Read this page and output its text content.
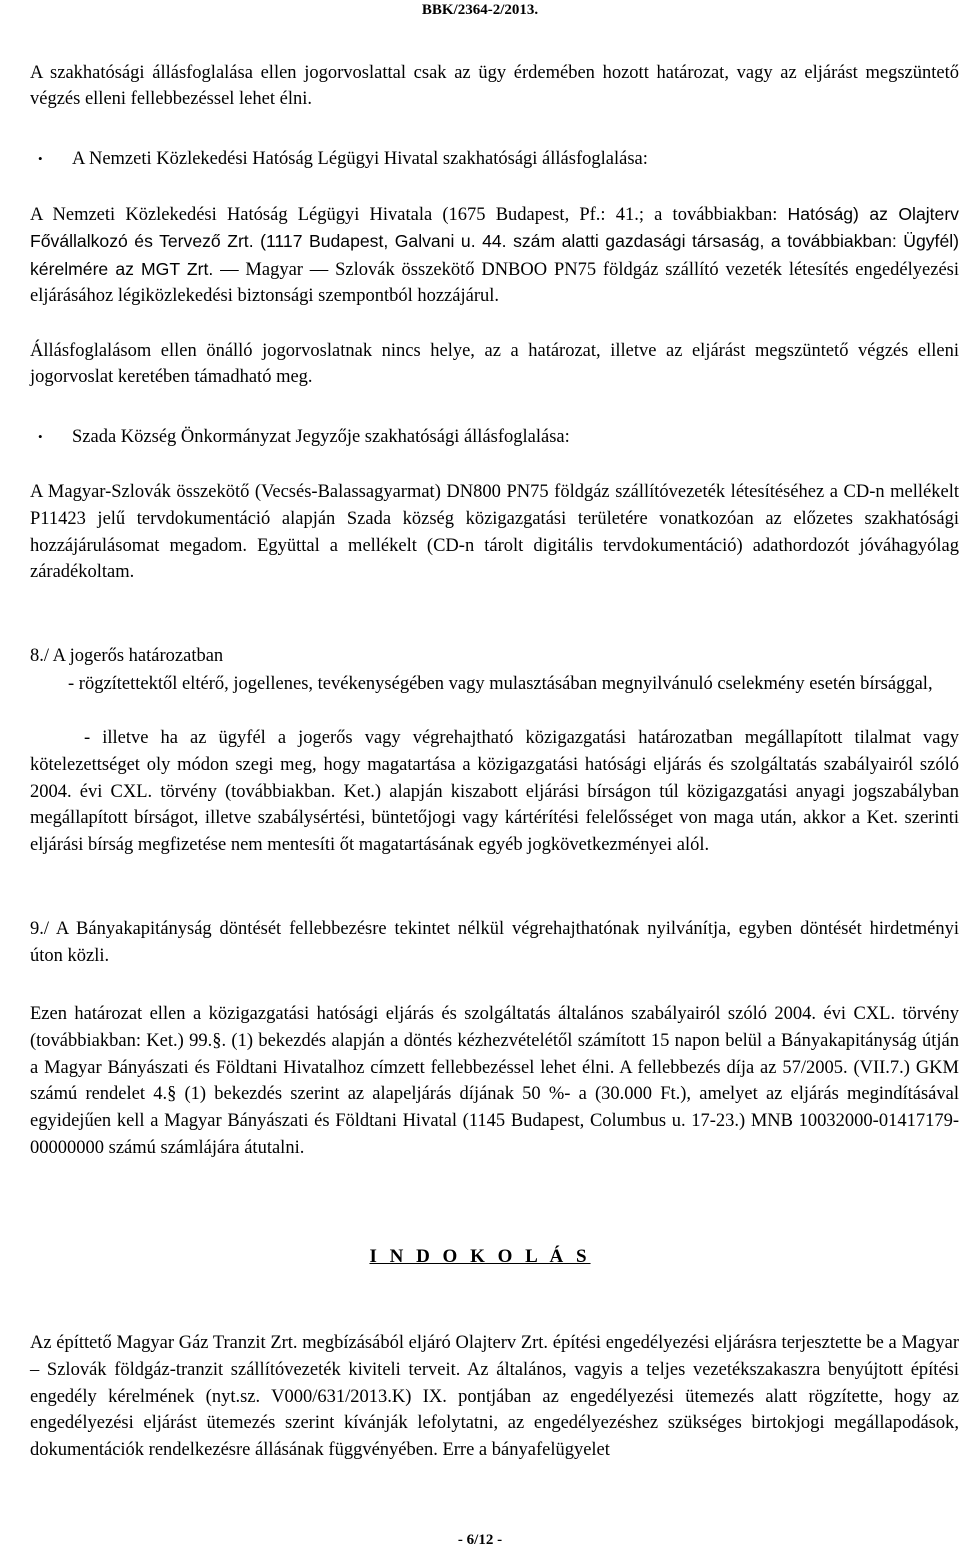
BBK/2364-2/2013.

A szakhatósági állásfoglalása ellen jogorvoslattal csak az ügy érdemében hozott határozat, vagy az eljárást megszüntető végzés elleni fellebbezéssel lehet élni.

• A Nemzeti Közlekedési Hatóság Légügyi Hivatal szakhatósági állásfoglalása:

A Nemzeti Közlekedési Hatóság Légügyi Hivatala (1675 Budapest, Pf.: 41.; a továbbiakban: Hatóság) az Olajterv Fővállalkozó és Tervező Zrt. (1117 Budapest, Galvani u. 44. szám alatti gazdasági társaság, a továbbiakban: Ügyfél) kérelmére az MGT Zrt. — Magyar — Szlovák összekötő DNBOO PN75 földgáz szállító vezeték létesítés engedélyezési eljárásához légiközlekedési biztonsági szempontból hozzájárul.

Állásfoglalásom ellen önálló jogorvoslatnak nincs helye, az a határozat, illetve az eljárást megszüntető végzés elleni jogorvoslat keretében támadható meg.

• Szada Község Önkormányzat Jegyzője szakhatósági állásfoglalása:

A Magyar-Szlovák összekötő (Vecsés-Balassagyarmat) DN800 PN75 földgáz szállítóvezeték létesítéséhez a CD-n mellékelt P11423 jelű tervdokumentáció alapján Szada község közigazgatási területére vonatkozóan az előzetes szakhatósági hozzájárulásomat megadom. Együttal a mellékelt (CD-n tárolt digitális tervdokumentáció) adathordozót jóváhagyólag záradékoltam.

8./ A jogerős határozatban

- rögzítettektől eltérő, jogellenes, tevékenységében vagy mulasztásában megnyilvánuló cselekmény esetén bírsággal,

- illetve ha az ügyfél a jogerős vagy végrehajtható közigazgatási határozatban megállapított tilalmat vagy kötelezettséget oly módon szegi meg, hogy magatartása a közigazgatási hatósági eljárás és szolgáltatás szabályairól szóló 2004. évi CXL. törvény (továbbiakban. Ket.) alapján kiszabott eljárási bírságon túl közigazgatási anyagi jogszabályban megállapított bírságot, illetve szabálysértési, büntetőjogi vagy kártérítési felelősséget von maga után, akkor a Ket. szerinti eljárási bírság megfizetése nem mentesíti őt magatartásának egyéb jogkövetkezményei alól.

9./ A Bányakapitányság döntését fellebbezésre tekintet nélkül végrehajthatónak nyilvánítja, egyben döntését hirdetményi úton közli.

Ezen határozat ellen a közigazgatási hatósági eljárás és szolgáltatás általános szabályairól szóló 2004. évi CXL. törvény (továbbiakban: Ket.) 99.§. (1) bekezdés alapján a döntés kézhezvételétől számított 15 napon belül a Bányakapitányság útján a Magyar Bányászati és Földtani Hivatalhoz címzett fellebbezéssel lehet élni. A fellebbezés díja az 57/2005. (VII.7.) GKM számú rendelet 4.§ (1) bekezdés szerint az alapeljárás díjának 50 %- a (30.000 Ft.), amelyet az eljárás megindításával egyidejűen kell a Magyar Bányászati és Földtani Hivatal (1145 Budapest, Columbus u. 17-23.) MNB 10032000-01417179-00000000 számú számlájára átutalni.

I N D O K O L Á S

Az építtető Magyar Gáz Tranzit Zrt. megbízásából eljáró Olajterv Zrt. építési engedélyezési eljárásra terjesztette be a Magyar – Szlovák földgáz-tranzit szállítóvezeték kiviteli terveit. Az általános, vagyis a teljes vezetékszakaszra benyújtott építési engedély kérelmének (nyt.sz. V000/631/2013.K) IX. pontjában az engedélyezési ütemezés alatt rögzítette, hogy az engedélyezési eljárást ütemezés szerint kívánják lefolytatni, az engedélyezéshez szükséges birtokjogi megállapodások, dokumentációk rendelkezésre állásának függvényében. Erre a bányafelügyelet

- 6/12 -
